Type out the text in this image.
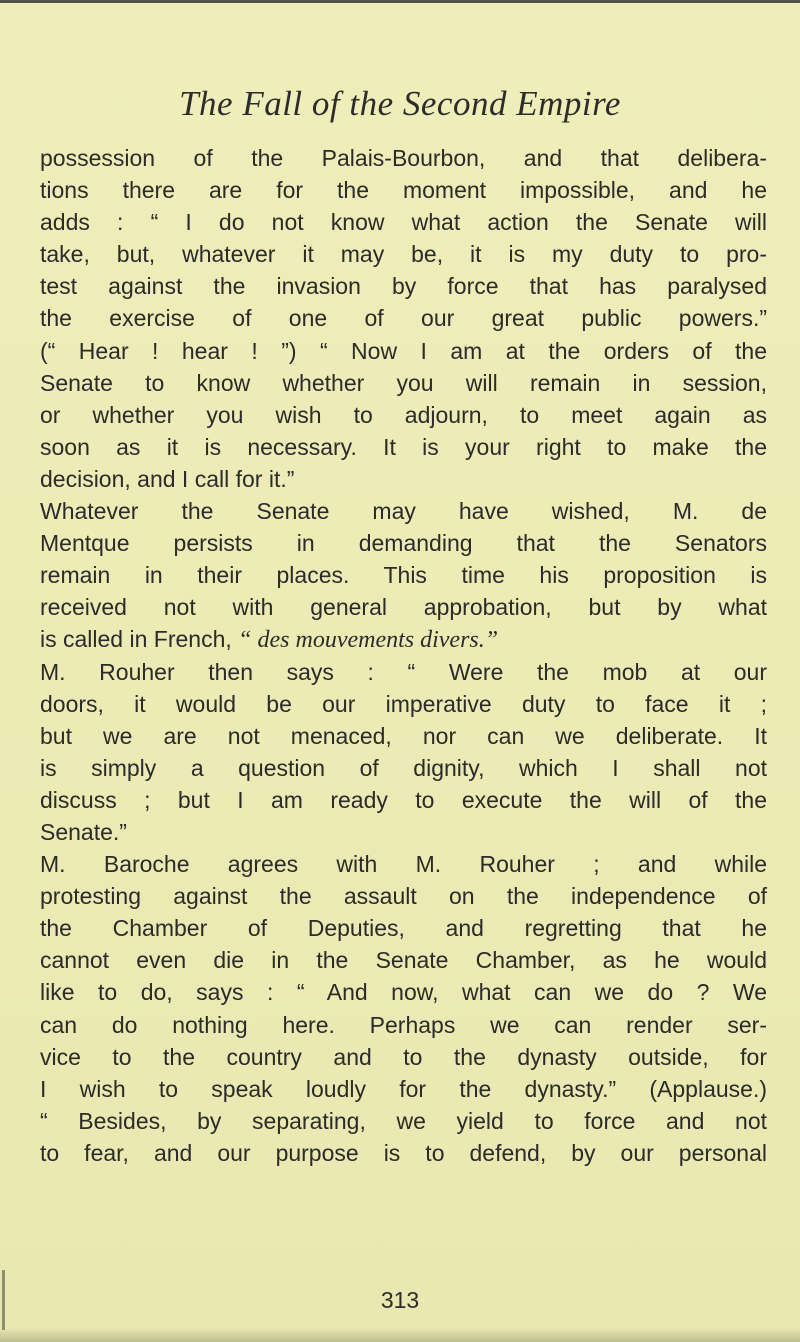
The Fall of the Second Empire
possession of the Palais-Bourbon, and that delibera-
tions there are for the moment impossible, and he
adds : “ I do not know what action the Senate will
take, but, whatever it may be, it is my duty to pro-
test against the invasion by force that has paralysed
the exercise of one of our great public powers.”
(“ Hear ! hear ! ”) “ Now I am at the orders of the
Senate to know whether you will remain in session,
or whether you wish to adjourn, to meet again as
soon as it is necessary. It is your right to make the
decision, and I call for it.”
Whatever the Senate may have wished, M. de
Mentque persists in demanding that the Senators
remain in their places. This time his proposition is
received not with general approbation, but by what
is called in French, “ des mouvements divers.”
M. Rouher then says : “ Were the mob at our
doors, it would be our imperative duty to face it ;
but we are not menaced, nor can we deliberate. It
is simply a question of dignity, which I shall not
discuss ; but I am ready to execute the will of the
Senate.”
M. Baroche agrees with M. Rouher ; and while
protesting against the assault on the independence of
the Chamber of Deputies, and regretting that he
cannot even die in the Senate Chamber, as he would
like to do, says : “ And now, what can we do ? We
can do nothing here. Perhaps we can render ser-
vice to the country and to the dynasty outside, for
I wish to speak loudly for the dynasty.” (Applause.)
“ Besides, by separating, we yield to force and not
to fear, and our purpose is to defend, by our personal
313
